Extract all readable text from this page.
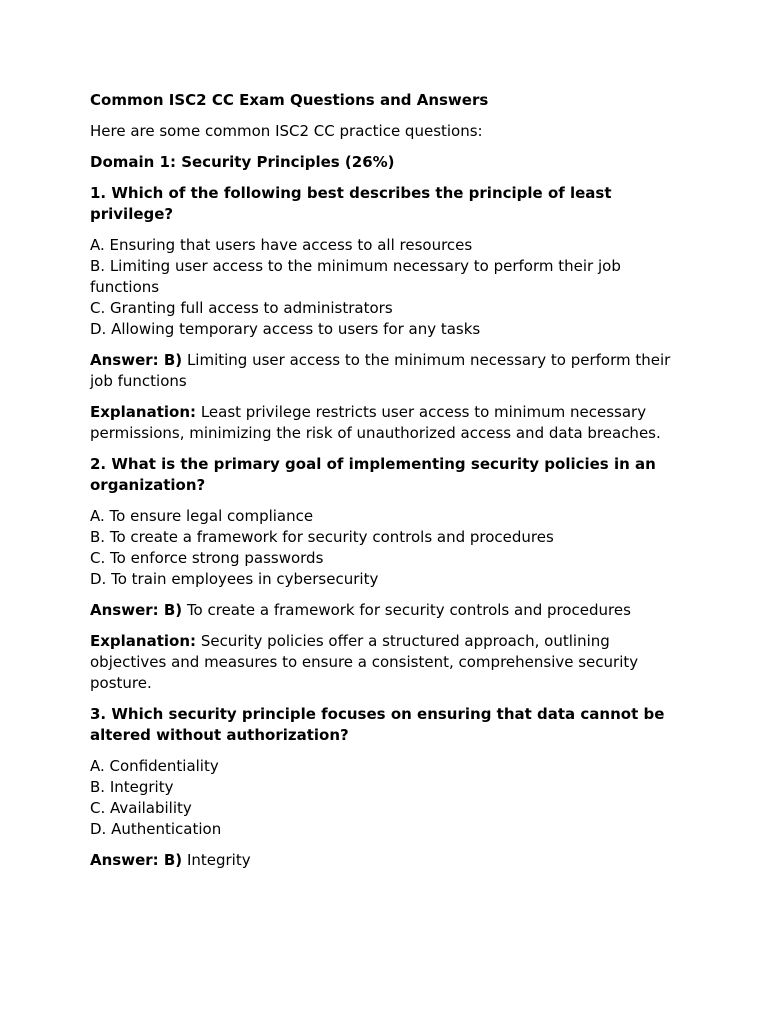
Common ISC2 CC Exam Questions and Answers

Here are some common ISC2 CC practice questions:

Domain 1: Security Principles (26%)

1. Which of the following best describes the principle of least privilege?

A. Ensuring that users have access to all resources

B. Limiting user access to the minimum necessary to perform their job functions

C. Granting full access to administrators

D. Allowing temporary access to users for any tasks

Answer: B) Limiting user access to the minimum necessary to perform their job functions

Explanation: Least privilege restricts user access to minimum necessary permissions, minimizing the risk of unauthorized access and data breaches.

2. What is the primary goal of implementing security policies in an organization?

A. To ensure legal compliance

B. To create a framework for security controls and procedures

C. To enforce strong passwords

D. To train employees in cybersecurity

Answer: B) To create a framework for security controls and procedures

Explanation: Security policies offer a structured approach, outlining objectives and measures to ensure a consistent, comprehensive security posture.

3. Which security principle focuses on ensuring that data cannot be altered without authorization?

A. Confidentiality

B. Integrity

C. Availability

D. Authentication

Answer: B) Integrity
